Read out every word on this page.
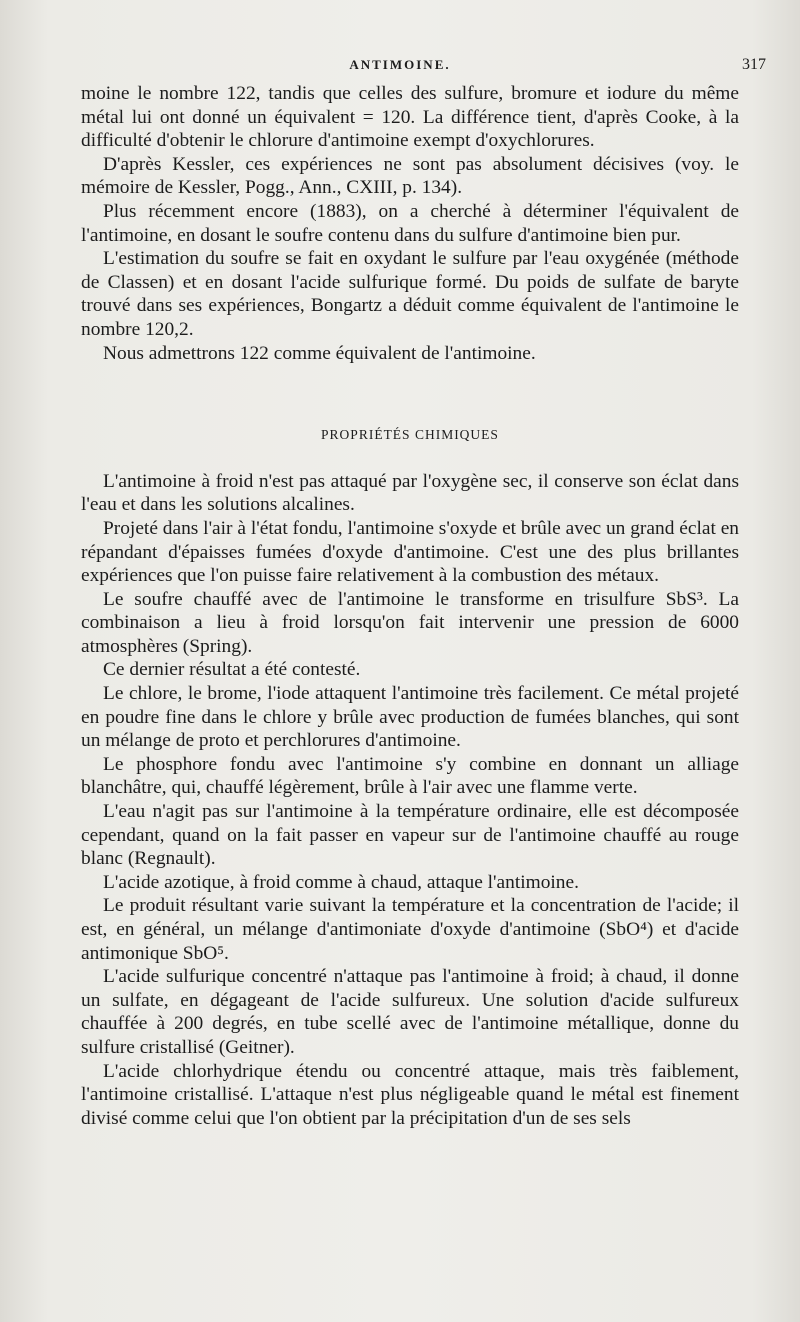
ANTIMOINE.	317

moine le nombre 122, tandis que celles des sulfure, bromure et iodure du même métal lui ont donné un équivalent = 120. La différence tient, d'après Cooke, à la difficulté d'obtenir le chlorure d'antimoine exempt d'oxychlorures.

D'après Kessler, ces expériences ne sont pas absolument décisives (voy. le mémoire de Kessler, Pogg., Ann., CXIII, p. 134).

Plus récemment encore (1883), on a cherché à déterminer l'équivalent de l'antimoine, en dosant le soufre contenu dans du sulfure d'antimoine bien pur.

L'estimation du soufre se fait en oxydant le sulfure par l'eau oxygénée (méthode de Classen) et en dosant l'acide sulfurique formé. Du poids de sulfate de baryte trouvé dans ses expériences, Bongartz a déduit comme équivalent de l'antimoine le nombre 120,2.

Nous admettrons 122 comme équivalent de l'antimoine.

PROPRIÉTÉS CHIMIQUES

L'antimoine à froid n'est pas attaqué par l'oxygène sec, il conserve son éclat dans l'eau et dans les solutions alcalines.

Projeté dans l'air à l'état fondu, l'antimoine s'oxyde et brûle avec un grand éclat en répandant d'épaisses fumées d'oxyde d'antimoine. C'est une des plus brillantes expériences que l'on puisse faire relativement à la combustion des métaux.

Le soufre chauffé avec de l'antimoine le transforme en trisulfure SbS³. La combinaison a lieu à froid lorsqu'on fait intervenir une pression de 6000 atmosphères (Spring).

Ce dernier résultat a été contesté.

Le chlore, le brome, l'iode attaquent l'antimoine très facilement. Ce métal projeté en poudre fine dans le chlore y brûle avec production de fumées blanches, qui sont un mélange de proto et perchlorures d'antimoine.

Le phosphore fondu avec l'antimoine s'y combine en donnant un alliage blanchâtre, qui, chauffé légèrement, brûle à l'air avec une flamme verte.

L'eau n'agit pas sur l'antimoine à la température ordinaire, elle est décomposée cependant, quand on la fait passer en vapeur sur de l'antimoine chauffé au rouge blanc (Regnault).

L'acide azotique, à froid comme à chaud, attaque l'antimoine.

Le produit résultant varie suivant la température et la concentration de l'acide; il est, en général, un mélange d'antimoniate d'oxyde d'antimoine (SbO⁴) et d'acide antimonique SbO⁵.

L'acide sulfurique concentré n'attaque pas l'antimoine à froid; à chaud, il donne un sulfate, en dégageant de l'acide sulfureux. Une solution d'acide sulfureux chauffée à 200 degrés, en tube scellé avec de l'antimoine métallique, donne du sulfure cristallisé (Geitner).

L'acide chlorhydrique étendu ou concentré attaque, mais très faiblement, l'antimoine cristallisé. L'attaque n'est plus négligeable quand le métal est finement divisé comme celui que l'on obtient par la précipitation d'un de ses sels
